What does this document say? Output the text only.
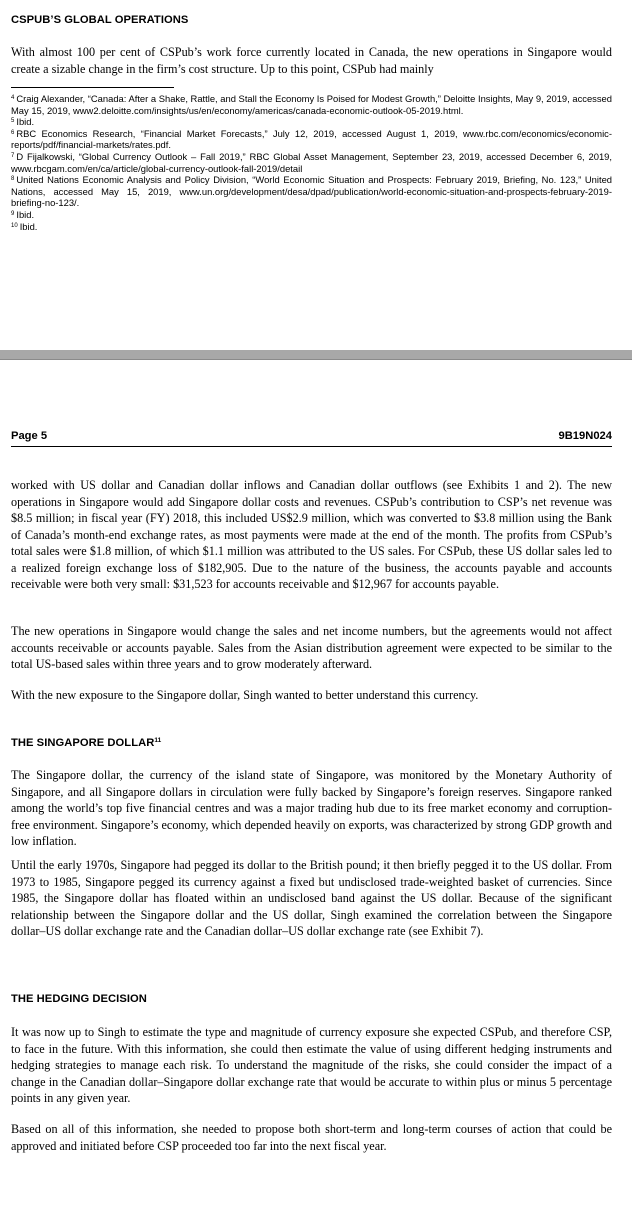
CSPUB’S GLOBAL OPERATIONS

With almost 100 per cent of CSPub’s work force currently located in Canada, the new operations in Singapore would create a sizable change in the firm’s cost structure. Up to this point, CSPub had mainly

$^4$ Craig Alexander, “Canada: After a Shake, Rattle, and Stall the Economy Is Poised for Modest Growth,” Deloitte Insights, May 9, 2019, accessed May 15, 2019, www2.deloitte.com/insights/us/en/economy/americas/canada-economic-outlook-05-2019.html.

$^5$ Ibid.

$^6$ RBC Economics Research, “Financial Market Forecasts,” July 12, 2019, accessed August 1, 2019, www.rbc.com/economics/economic-reports/pdf/financial-markets/rates.pdf.

$^7$ D Fijalkowski, “Global Currency Outlook – Fall 2019,” RBC Global Asset Management, September 23, 2019, accessed December 6, 2019, www.rbcgam.com/en/ca/article/global-currency-outlook-fall-2019/detail

$^8$ United Nations Economic Analysis and Policy Division, “World Economic Situation and Prospects: February 2019, Briefing, No. 123,” United Nations, accessed May 15, 2019, www.un.org/development/desa/dpad/publication/world-economic-situation-and-prospects-february-2019-briefing-no-123/.

$^9$ Ibid.

$^{10}$ Ibid.

Page 5	9B19N024

worked with US dollar and Canadian dollar inflows and Canadian dollar outflows (see Exhibits 1 and 2). The new operations in Singapore would add Singapore dollar costs and revenues. CSPub’s contribution to CSP’s net revenue was $8.5 million; in fiscal year (FY) 2018, this included US$2.9 million, which was converted to $3.8 million using the Bank of Canada’s month-end exchange rates, as most payments were made at the end of the month. The profits from CSPub’s total sales were $1.8 million, of which $1.1 million was attributed to the US sales. For CSPub, these US dollar sales led to a realized foreign exchange loss of $182,905. Due to the nature of the business, the accounts payable and accounts receivable were both very small: $31,523 for accounts receivable and $12,967 for accounts payable.

The new operations in Singapore would change the sales and net income numbers, but the agreements would not affect accounts receivable or accounts payable. Sales from the Asian distribution agreement were expected to be similar to the total US-based sales within three years and to grow moderately afterward.

With the new exposure to the Singapore dollar, Singh wanted to better understand this currency.

THE SINGAPORE DOLLAR$^{11}$

The Singapore dollar, the currency of the island state of Singapore, was monitored by the Monetary Authority of Singapore, and all Singapore dollars in circulation were fully backed by Singapore’s foreign reserves. Singapore ranked among the world’s top five financial centres and was a major trading hub due to its free market economy and corruption-free environment. Singapore’s economy, which depended heavily on exports, was characterized by strong GDP growth and low inflation.

Until the early 1970s, Singapore had pegged its dollar to the British pound; it then briefly pegged it to the US dollar. From 1973 to 1985, Singapore pegged its currency against a fixed but undisclosed trade-weighted basket of currencies. Since 1985, the Singapore dollar has floated within an undisclosed band against the US dollar. Because of the significant relationship between the Singapore dollar and the US dollar, Singh examined the correlation between the Singapore dollar–US dollar exchange rate and the Canadian dollar–US dollar exchange rate (see Exhibit 7).

THE HEDGING DECISION

It was now up to Singh to estimate the type and magnitude of currency exposure she expected CSPub, and therefore CSP, to face in the future. With this information, she could then estimate the value of using different hedging instruments and hedging strategies to manage each risk. To understand the magnitude of the risks, she could consider the impact of a change in the Canadian dollar–Singapore dollar exchange rate that would be accurate to within plus or minus 5 percentage points in any given year.

Based on all of this information, she needed to propose both short-term and long-term courses of action that could be approved and initiated before CSP proceeded too far into the next fiscal year.
